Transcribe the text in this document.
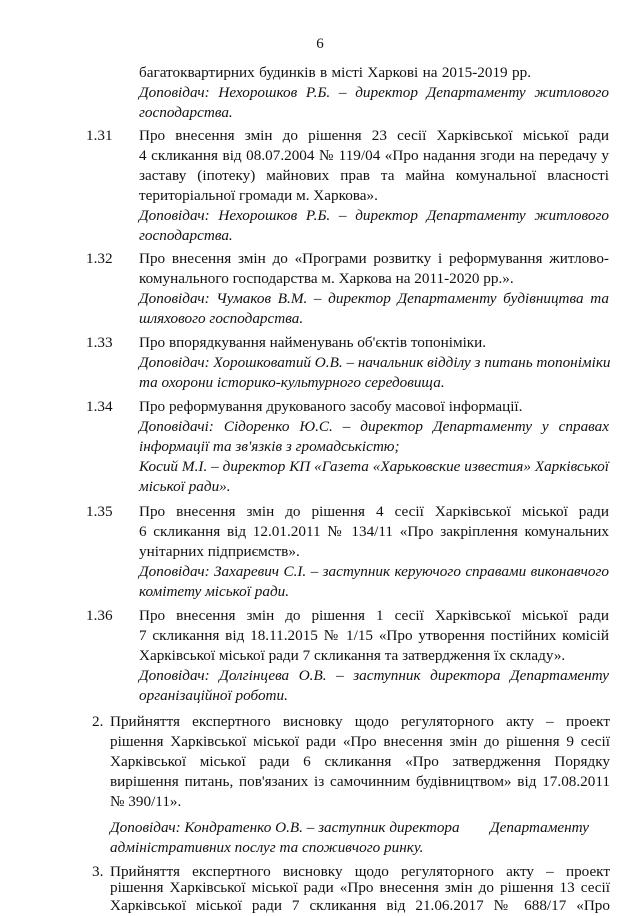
6
багатоквартирних будинків в місті Харкові на 2015-2019 рр.
Доповідач: Нехорошков Р.Б. – директор Департаменту житлового
господарства.
1.31 Про внесення змін до рішення 23 сесії Харківської міської ради
4 скликання від 08.07.2004 № 119/04 «Про надання згоди на передачу у
заставу (іпотеку) майнових прав та майна комунальної власності
територіальної громади м. Харкова».
Доповідач: Нехорошков Р.Б. – директор Департаменту житлового
господарства.
1.32 Про внесення змін до «Програми розвитку і реформування житлово-
комунального господарства м. Харкова на 2011-2020 рр.».
Доповідач: Чумаков В.М. – директор Департаменту будівництва та
шляхового господарства.
1.33 Про впорядкування найменувань об'єктів топоніміки.
Доповідач: Хорошковатий О.В. – начальник відділу з питань топоніміки
та охорони історико-культурного середовища.
1.34 Про реформування друкованого засобу масової інформації.
Доповідачі: Сідоренко Ю.С. – директор Департаменту у справах
інформації та зв'язків з громадськістю;
Косий М.І. – директор КП «Газета «Харьковские известия» Харківської
міської ради».
1.35 Про внесення змін до рішення 4 сесії Харківської міської ради
6 скликання від 12.01.2011 № 134/11 «Про закріплення комунальних
унітарних підприємств».
Доповідач: Захаревич С.І. – заступник керуючого справами виконавчого
комітету міської ради.
1.36 Про внесення змін до рішення 1 сесії Харківської міської ради
7 скликання від 18.11.2015 № 1/15 «Про утворення постійних комісій
Харківської міської ради 7 скликання та затвердження їх складу».
Доповідач: Долгінцева О.В. – заступник директора Департаменту
організаційної роботи.
2. Прийняття експертного висновку щодо регуляторного акту – проект
рішення Харківської міської ради «Про внесення змін до рішення 9 сесії
Харківської міської ради 6 скликання «Про затвердження Порядку
вирішення питань, пов'язаних із самочинним будівництвом» від 17.08.2011
№ 390/11».
Доповідач: Кондратенко О.В. – заступник директора        Департаменту
адміністративних послуг та споживчого ринку.
3. Прийняття експертного висновку щодо регуляторного акту – проект
рішення Харківської міської ради «Про внесення змін до рішення 13 сесії
Харківської міської ради 7 скликання від 21.06.2017 № 688/17 «Про
